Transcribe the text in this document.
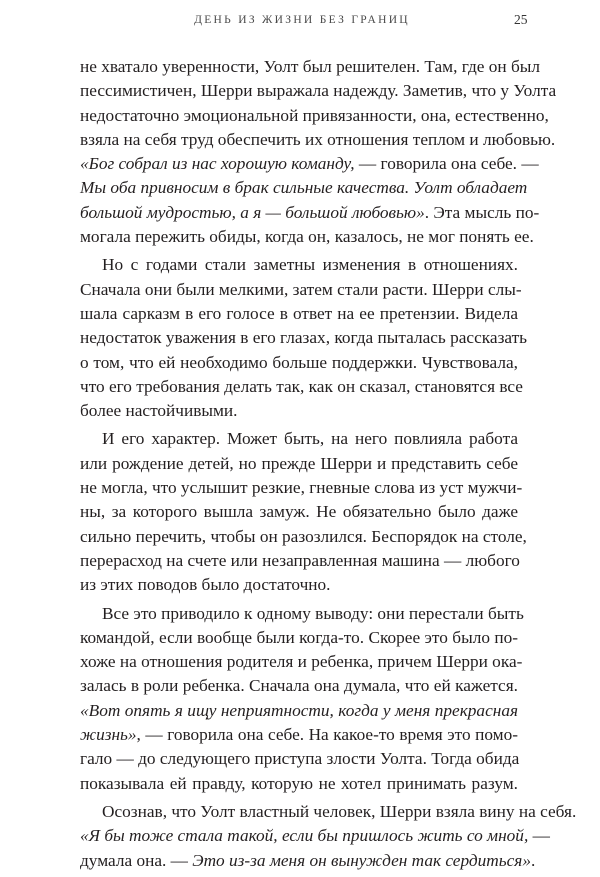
ДЕНЬ ИЗ ЖИЗНИ БЕЗ ГРАНИЦ	25
не хватало уверенности, Уолт был решителен. Там, где он был
пессимистичен, Шерри выражала надежду. Заметив, что у Уолта
недостаточно эмоциональной привязанности, она, естественно,
взяла на себя труд обеспечить их отношения теплом и любовью.
«Бог собрал из нас хорошую команду, — говорила она себе. —
Мы оба привносим в брак сильные качества. Уолт обладает
большой мудростью, а я — большой любовью». Эта мысль по-
могала пережить обиды, когда он, казалось, не мог понять ее.
Но с годами стали заметны изменения в отношениях.
Сначала они были мелкими, затем стали расти. Шерри слы-
шала сарказм в его голосе в ответ на ее претензии. Видела
недостаток уважения в его глазах, когда пыталась рассказать
о том, что ей необходимо больше поддержки. Чувствовала,
что его требования делать так, как он сказал, становятся все
более настойчивыми.
И его характер. Может быть, на него повлияла работа
или рождение детей, но прежде Шерри и представить себе
не могла, что услышит резкие, гневные слова из уст мужчи-
ны, за которого вышла замуж. Не обязательно было даже
сильно перечить, чтобы он разозлился. Беспорядок на столе,
перерасход на счете или незаправленная машина — любого
из этих поводов было достаточно.
Все это приводило к одному выводу: они перестали быть
командой, если вообще были когда-то. Скорее это было по-
хоже на отношения родителя и ребенка, причем Шерри ока-
залась в роли ребенка. Сначала она думала, что ей кажется.
«Вот опять я ищу неприятности, когда у меня прекрасная
жизнь», — говорила она себе. На какое-то время это помо-
гало — до следующего приступа злости Уолта. Тогда обида
показывала ей правду, которую не хотел принимать разум.
Осознав, что Уолт властный человек, Шерри взяла вину на себя.
«Я бы тоже стала такой, если бы пришлось жить со мной, —
думала она. — Это из-за меня он вынужден так сердиться».
